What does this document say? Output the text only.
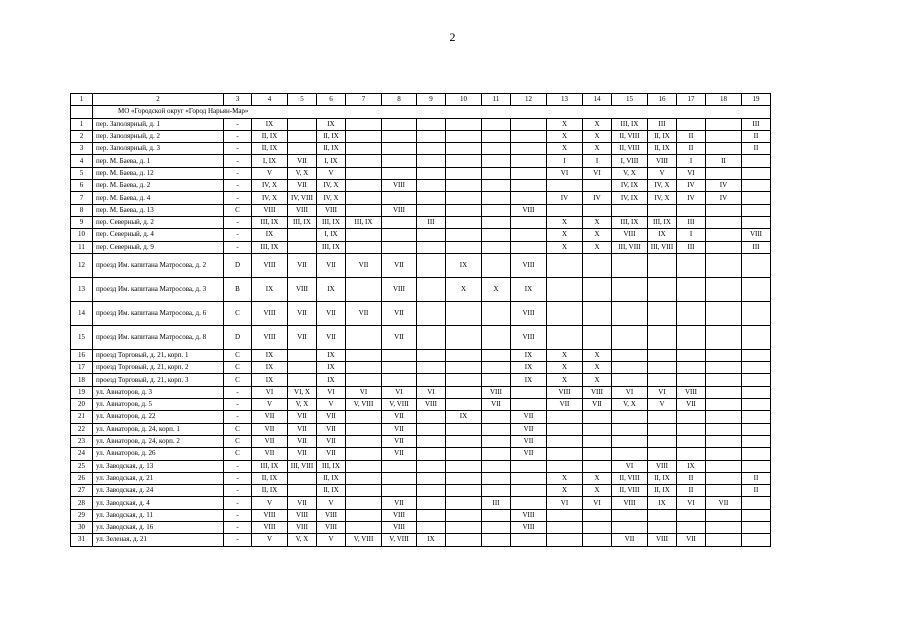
2
1	2	3	4	5	6	7	8	9	10	11	12	13	14	15	16	17	18	19
	МО «Городской округ «Город Нарьян-Мар»																	
1	пер. Заполярный, д. 1	-	IX		IX							X	X	III, IX	III			III
2	пер. Заполярный, д. 2	-	II, IX		II, IX							X	X	II, VIII	II, IX	II		II
3	пер. Заполярный, д. 3	-	II, IX		II, IX							X	X	II, VIII	II, IX	II		II
4	пер. М. Баева, д. 1	-	I, IX	VII	I, IX							I	I	I, VIII	VIII	I	II	
5	пер. М. Баева, д. 12	-	V	V, X	V							VI	VI	V, X	V	VI		
6	пер. М. Баева, д. 2	-	IV, X	VII	IV, X		VIII							IV, IX	IV, X	IV	IV	
7	пер. М. Баева, д. 4	-	IV, X	IV, VIII	IV, X							IV	IV	IV, IX	IV, X	IV	IV	
8	пер. М. Баева, д. 13	С	VIII	VIII	VIII		VIII				VIII							
9	пер. Северный, д. 2	-	III, IX	III, IX	III, IX	III, IX		III				X	X	III, IX	III, IX	III		
10	пер. Северный, д. 4	-	IX		I, IX							X	X	VIII	IX	I		VIII
11	пер. Северный, д. 9	-	III, IX		III, IX							X	X	III, VIII	III, VIII	III		III
12	проезд Им. капитана Матросова, д. 2	D	VIII	VII	VII	VII	VII		IX		VIII							
13	проезд Им. капитана Матросова, д. 3	B	IX	VIII	IX		VIII		X	X	IX							
14	проезд Им. капитана Матросова, д. 6	С	VIII	VII	VII	VII	VII				VIII							
15	проезд Им. капитана Матросова, д. 8	D	VIII	VII	VII		VII				VIII							
16	проезд Торговый, д. 21, корп. 1	С	IX		IX						IX	X	X					
17	проезд Торговый, д. 21, корп. 2	С	IX		IX						IX	X	X					
18	проезд Торговый, д. 21, корп. 3	С	IX		IX						IX	X	X					
19	ул. Авиаторов, д. 3	-	VI	VI, X	VI	VI	VI	VI		VIII		VIII	VIII	VI	VI	VIII		
20	ул. Авиаторов, д. 5	-	V	V, X	V	V, VIII	V, VIII	VIII		VII		VII	VII	V, X	V	VII		
21	ул. Авиаторов, д. 22	-	VII	VII	VII		VII		IX		VII							
22	ул. Авиаторов, д. 24, корп. 1	С	VII	VII	VII		VII				VII							
23	ул. Авиаторов, д. 24, корп. 2	С	VII	VII	VII		VII				VII							
24	ул. Авиаторов, д. 26	С	VII	VII	VII		VII				VII							
25	ул. Заводская, д. 13	-	III, IX	III, VIII	III, IX									VI	VIII	IX		
26	ул. Заводская, д. 21	-	II, IX		II, IX							X	X	II, VIII	II, IX	II		II
27	ул. Заводская, д. 24	-	II, IX		II, IX							X	X	II, VIII	II, IX	II		II
28	ул. Заводская, д. 4	-	V	VII	V		VII			III		VI	VI	VIII	IX	VI	VII	
29	ул. Заводская, д. 11	-	VIII	VIII	VIII		VIII				VIII							
30	ул. Заводская, д. 16	-	VIII	VIII	VIII		VIII				VIII							
31	ул. Зеленая, д. 21	-	V	V, X	V	V, VIII	V, VIII	IX						VII	VIII	VII		
